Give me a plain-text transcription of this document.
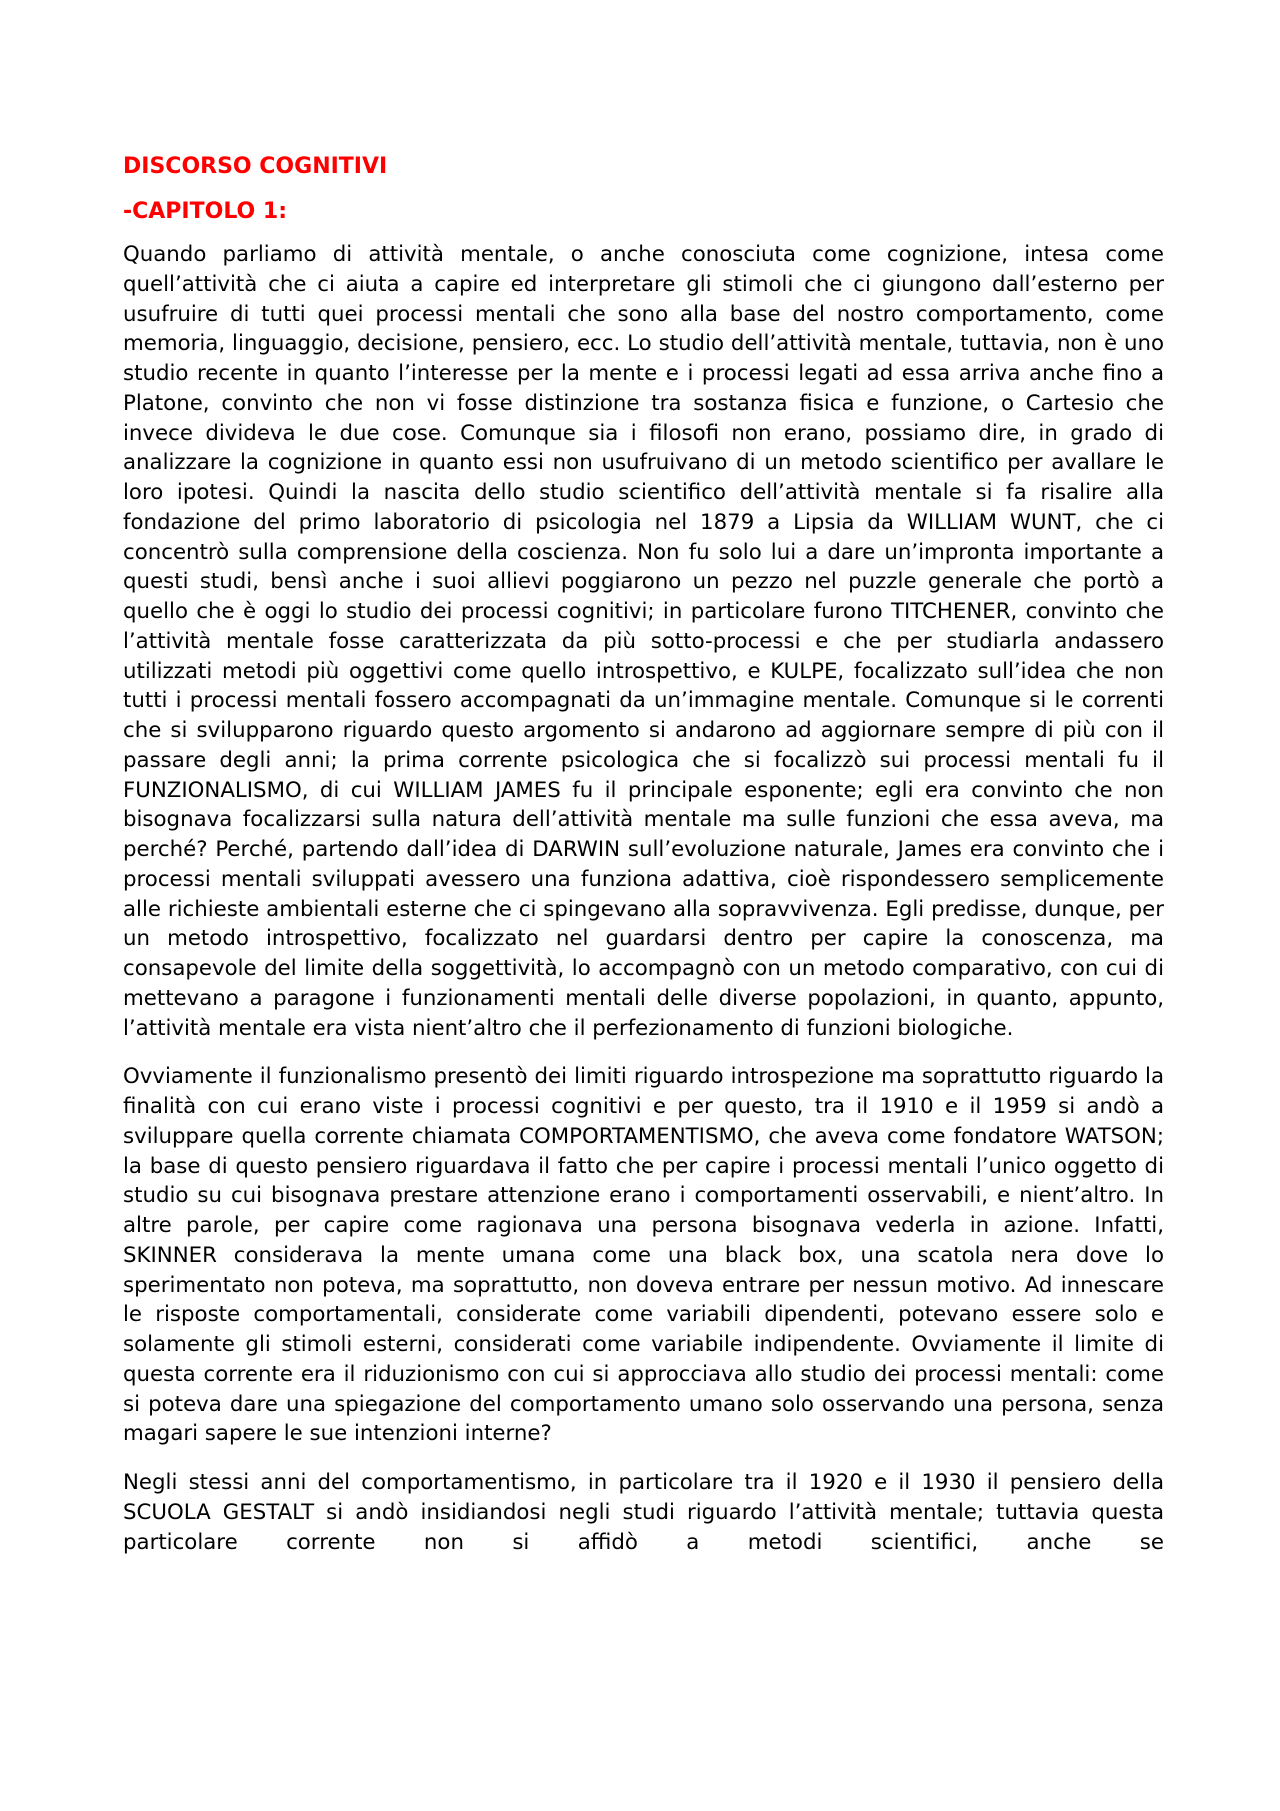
DISCORSO COGNITIVI
-CAPITOLO 1:

Quando parliamo di attività mentale, o anche conosciuta come cognizione, intesa come quell’attività che ci aiuta a capire ed interpretare gli stimoli che ci giungono dall’esterno per usufruire di tutti quei processi mentali che sono alla base del nostro comportamento, come memoria, linguaggio, decisione, pensiero, ecc. Lo studio dell’attività mentale, tuttavia, non è uno studio recente in quanto l’interesse per la mente e i processi legati ad essa arriva anche fino a Platone, convinto che non vi fosse distinzione tra sostanza fisica e funzione, o Cartesio che invece divideva le due cose. Comunque sia i filosofi non erano, possiamo dire, in grado di analizzare la cognizione in quanto essi non usufruivano di un metodo scientifico per avallare le loro ipotesi. Quindi la nascita dello studio scientifico dell’attività mentale si fa risalire alla fondazione del primo laboratorio di psicologia nel 1879 a Lipsia da WILLIAM WUNT, che ci concentrò sulla comprensione della coscienza. Non fu solo lui a dare un’impronta importante a questi studi, bensì anche i suoi allievi poggiarono un pezzo nel puzzle generale che portò a quello che è oggi lo studio dei processi cognitivi; in particolare furono TITCHENER, convinto che l’attività mentale fosse caratterizzata da più sotto-processi e che per studiarla andassero utilizzati metodi più oggettivi come quello introspettivo, e KULPE, focalizzato sull’idea che non tutti i processi mentali fossero accompagnati da un’immagine mentale. Comunque si le correnti che si svilupparono riguardo questo argomento si andarono ad aggiornare sempre di più con il passare degli anni; la prima corrente psicologica che si focalizzò sui processi mentali fu il FUNZIONALISMO, di cui WILLIAM JAMES fu il principale esponente; egli era convinto che non bisognava focalizzarsi sulla natura dell’attività mentale ma sulle funzioni che essa aveva, ma perché? Perché, partendo dall’idea di DARWIN sull’evoluzione naturale, James era convinto che i processi mentali sviluppati avessero una funziona adattiva, cioè rispondessero semplicemente alle richieste ambientali esterne che ci spingevano alla sopravvivenza. Egli predisse, dunque, per un metodo introspettivo, focalizzato nel guardarsi dentro per capire la conoscenza, ma consapevole del limite della soggettività, lo accompagnò con un metodo comparativo, con cui di mettevano a paragone i funzionamenti mentali delle diverse popolazioni, in quanto, appunto, l’attività mentale era vista nient’altro che il perfezionamento di funzioni biologiche.

Ovviamente il funzionalismo presentò dei limiti riguardo introspezione ma soprattutto riguardo la finalità con cui erano viste i processi cognitivi e per questo, tra il 1910 e il 1959 si andò a sviluppare quella corrente chiamata COMPORTAMENTISMO, che aveva come fondatore WATSON; la base di questo pensiero riguardava il fatto che per capire i processi mentali l’unico oggetto di studio su cui bisognava prestare attenzione erano i comportamenti osservabili, e nient’altro. In altre parole, per capire come ragionava una persona bisognava vederla in azione. Infatti, SKINNER considerava la mente umana come una black box, una scatola nera dove lo sperimentato non poteva, ma soprattutto, non doveva entrare per nessun motivo. Ad innescare le risposte comportamentali, considerate come variabili dipendenti, potevano essere solo e solamente gli stimoli esterni, considerati come variabile indipendente. Ovviamente il limite di questa corrente era il riduzionismo con cui si approcciava allo studio dei processi mentali: come si poteva dare una spiegazione del comportamento umano solo osservando una persona, senza magari sapere le sue intenzioni interne?

Negli stessi anni del comportamentismo, in particolare tra il 1920 e il 1930 il pensiero della SCUOLA GESTALT si andò insidiandosi negli studi riguardo l’attività mentale; tuttavia questa particolare corrente non si affidò a metodi scientifici, anche se
